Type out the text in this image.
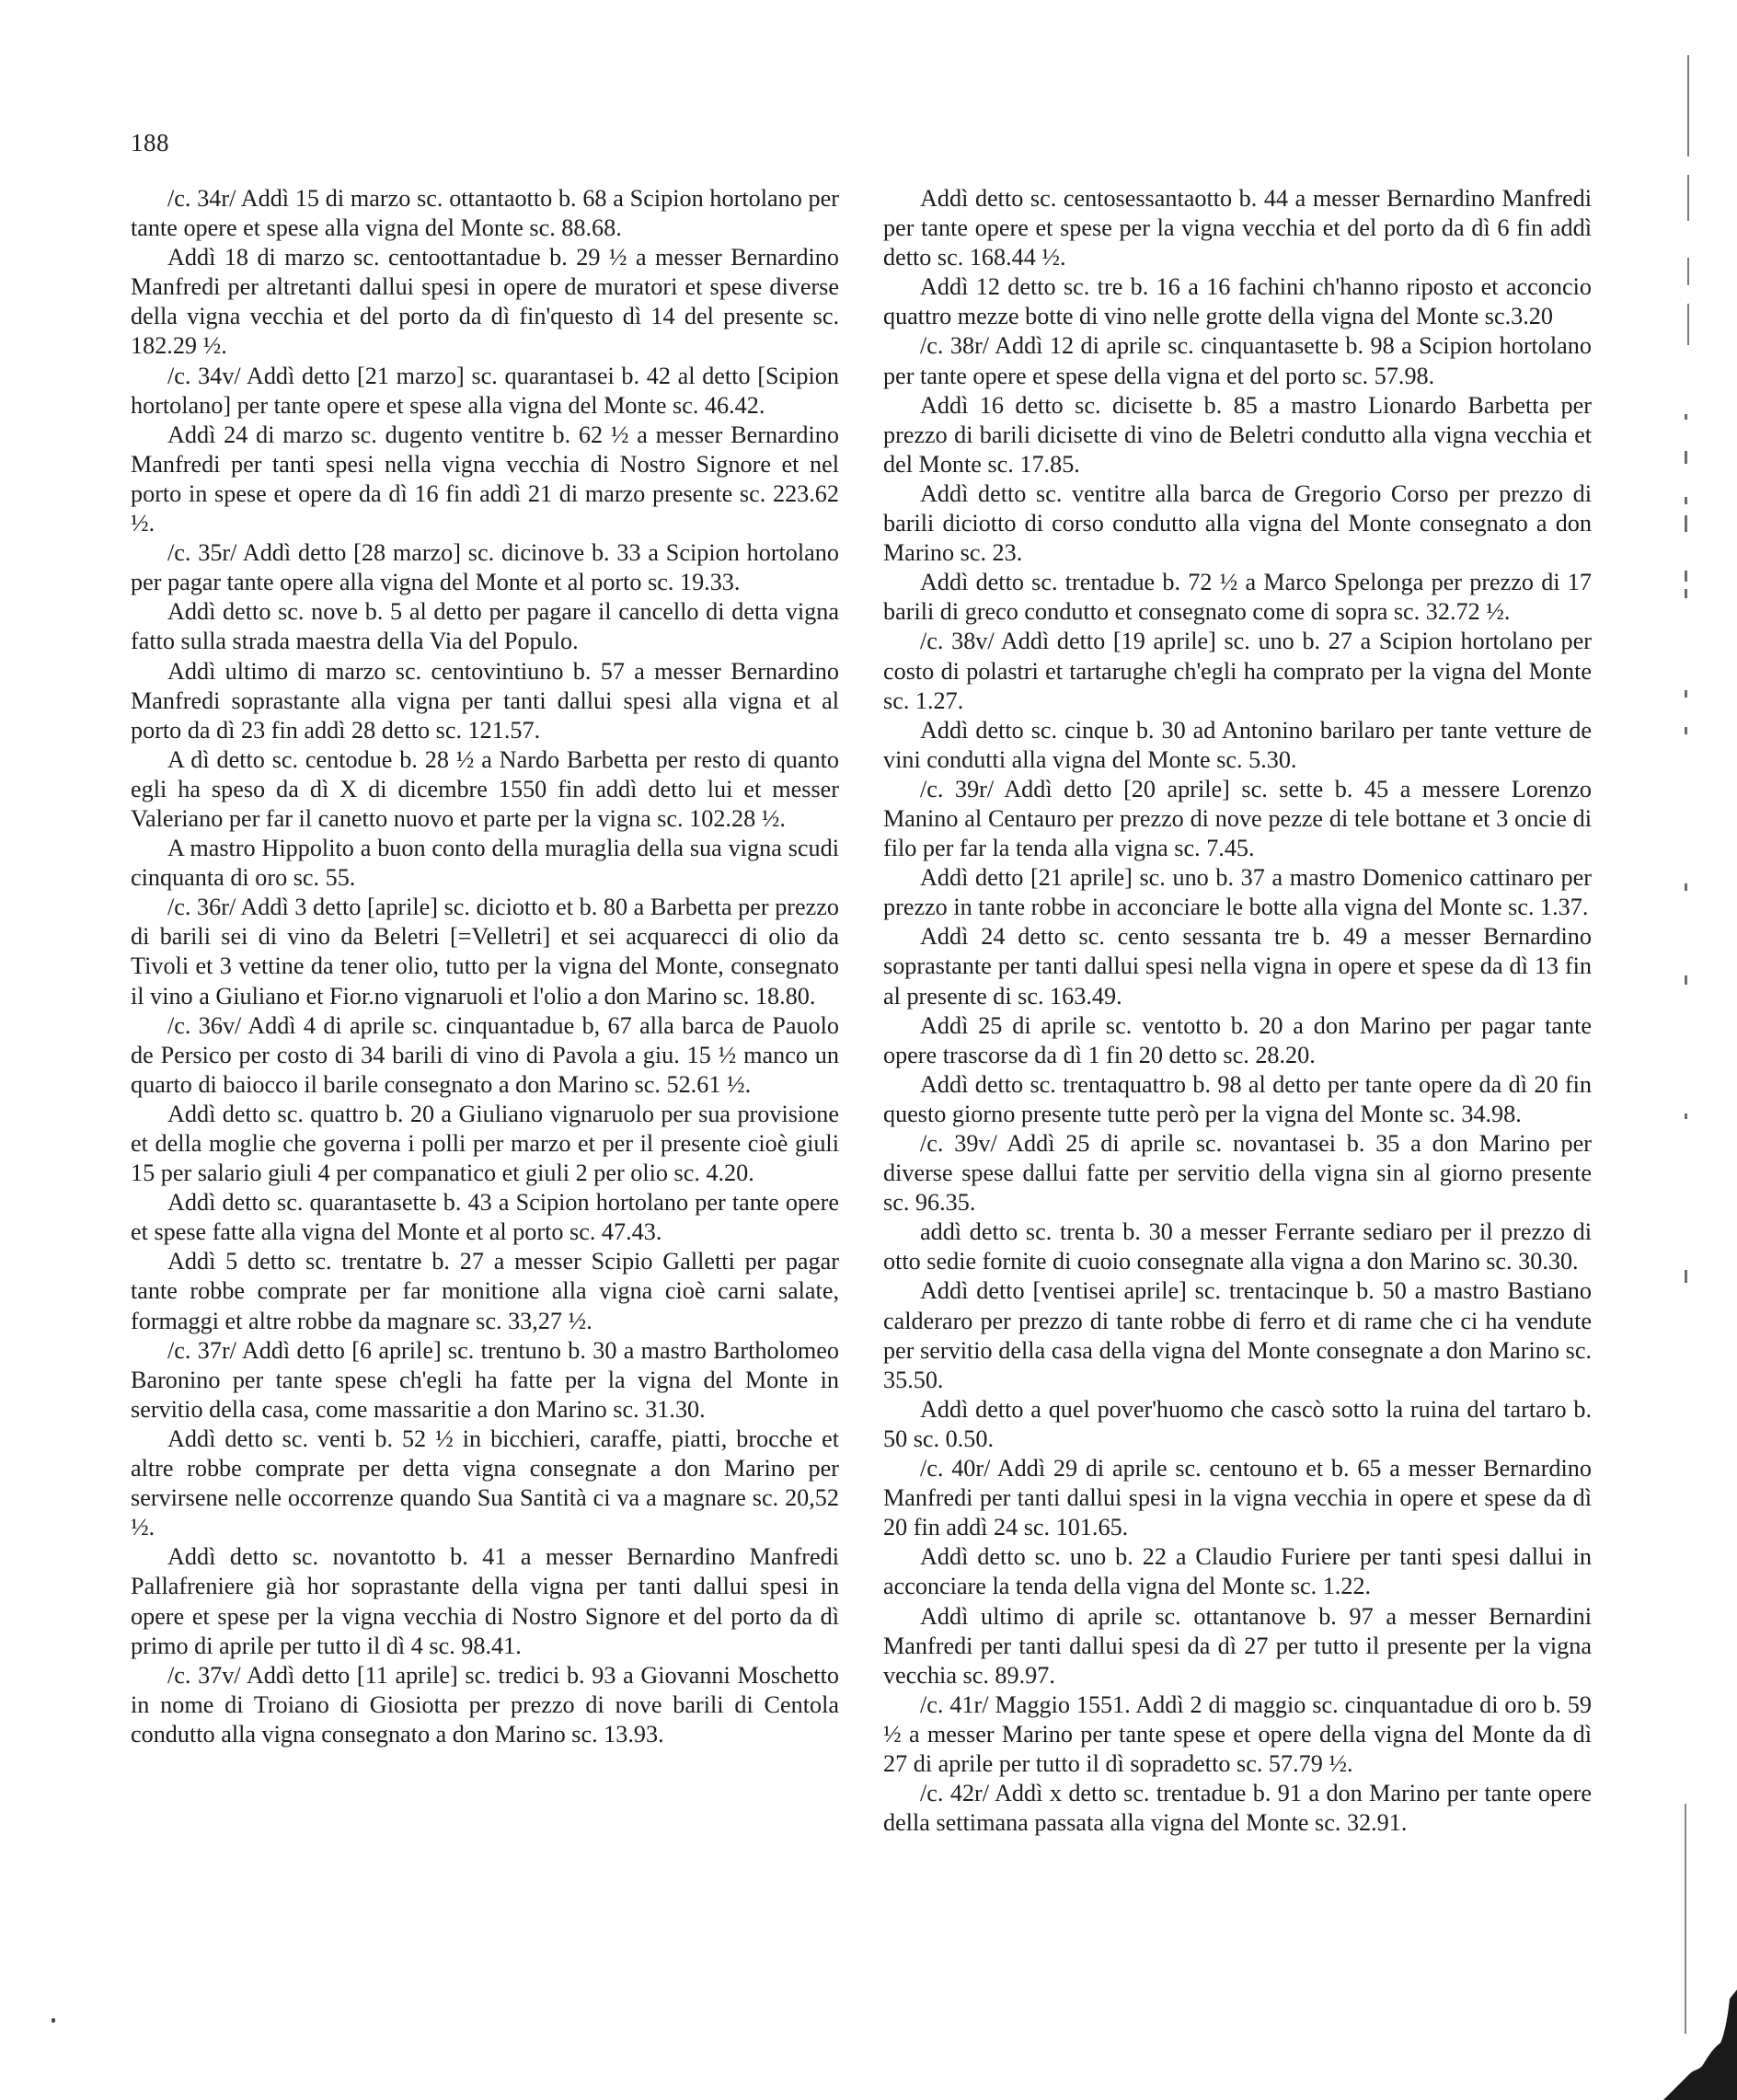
188

/c. 34r/ Addì 15 di marzo sc. ottantaotto b. 68 a Scipion hortolano per tante opere et spese alla vigna del Monte sc. 88.68.

Addì 18 di marzo sc. centoottantadue b. 29 ½ a messer Bernardino Manfredi per altretanti dallui spesi in opere de muratori et spese diverse della vigna vecchia et del porto da dì fin'questo dì 14 del presente sc. 182.29 ½.

/c. 34v/ Addì detto [21 marzo] sc. quarantasei b. 42 al detto [Scipion hortolano] per tante opere et spese alla vigna del Monte sc. 46.42.

Addì 24 di marzo sc. dugento ventitre b. 62 ½ a messer Bernardino Manfredi per tanti spesi nella vigna vecchia di Nostro Signore et nel porto in spese et opere da dì 16 fin addì 21 di marzo presente sc. 223.62 ½.

/c. 35r/ Addì detto [28 marzo] sc. dicinove b. 33 a Scipion hortolano per pagar tante opere alla vigna del Monte et al porto sc. 19.33.

Addì detto sc. nove b. 5 al detto per pagare il cancello di detta vigna fatto sulla strada maestra della Via del Populo.

Addì ultimo di marzo sc. centovintiuno b. 57 a messer Bernardino Manfredi soprastante alla vigna per tanti dallui spesi alla vigna et al porto da dì 23 fin addì 28 detto sc. 121.57.

A dì detto sc. centodue b. 28 ½ a Nardo Barbetta per resto di quanto egli ha speso da dì X di dicembre 1550 fin addì detto lui et messer Valeriano per far il canetto nuovo et parte per la vigna sc. 102.28 ½.

A mastro Hippolito a buon conto della muraglia della sua vigna scudi cinquanta di oro sc. 55.

/c. 36r/ Addì 3 detto [aprile] sc. diciotto et b. 80 a Barbetta per prezzo di barili sei di vino da Beletri [=Velletri] et sei acquarecci di olio da Tivoli et 3 vettine da tener olio, tutto per la vigna del Monte, consegnato il vino a Giuliano et Fior.no vignaruoli et l'olio a don Marino sc. 18.80.

/c. 36v/ Addì 4 di aprile sc. cinquantadue b, 67 alla barca de Pauolo de Persico per costo di 34 barili di vino di Pavola a giu. 15 ½ manco un quarto di baiocco il barile consegnato a don Marino sc. 52.61 ½.

Addì detto sc. quattro b. 20 a Giuliano vignaruolo per sua provisione et della moglie che governa i polli per marzo et per il presente cioè giuli 15 per salario giuli 4 per companatico et giuli 2 per olio sc. 4.20.

Addì detto sc. quarantasette b. 43 a Scipion hortolano per tante opere et spese fatte alla vigna del Monte et al porto sc. 47.43.

Addì 5 detto sc. trentatre b. 27 a messer Scipio Galletti per pagar tante robbe comprate per far monitione alla vigna cioè carni salate, formaggi et altre robbe da magnare sc. 33,27 ½.

/c. 37r/ Addì detto [6 aprile] sc. trentuno b. 30 a mastro Bartholomeo Baronino per tante spese ch'egli ha fatte per la vigna del Monte in servitio della casa, come massaritie a don Marino sc. 31.30.

Addì detto sc. venti b. 52 ½ in bicchieri, caraffe, piatti, brocche et altre robbe comprate per detta vigna consegnate a don Marino per servirsene nelle occorrenze quando Sua Santità ci va a magnare sc. 20,52 ½.

Addì detto sc. novantotto b. 41 a messer Bernardino Manfredi Pallafreniere già hor soprastante della vigna per tanti dallui spesi in opere et spese per la vigna vecchia di Nostro Signore et del porto da dì primo di aprile per tutto il dì 4 sc. 98.41.

/c. 37v/ Addì detto [11 aprile] sc. tredici b. 93 a Giovanni Moschetto in nome di Troiano di Giosiotta per prezzo di nove barili di Centola condutto alla vigna consegnato a don Marino sc. 13.93.

Addì detto sc. centosessantaotto b. 44 a messer Bernardino Manfredi per tante opere et spese per la vigna vecchia et del porto da dì 6 fin addì detto sc. 168.44 ½.

Addì 12 detto sc. tre b. 16 a 16 fachini ch'hanno riposto et acconcio quattro mezze botte di vino nelle grotte della vigna del Monte sc.3.20

/c. 38r/ Addì 12 di aprile sc. cinquantasette b. 98 a Scipion hortolano per tante opere et spese della vigna et del porto sc. 57.98.

Addì 16 detto sc. dicisette b. 85 a mastro Lionardo Barbetta per prezzo di barili dicisette di vino de Beletri condutto alla vigna vecchia et del Monte sc. 17.85.

Addì detto sc. ventitre alla barca de Gregorio Corso per prezzo di barili diciotto di corso condutto alla vigna del Monte consegnato a don Marino sc. 23.

Addì detto sc. trentadue b. 72 ½ a Marco Spelonga per prezzo di 17 barili di greco condutto et consegnato come di sopra sc. 32.72 ½.

/c. 38v/ Addì detto [19 aprile] sc. uno b. 27 a Scipion hortolano per costo di polastri et tartarughe ch'egli ha comprato per la vigna del Monte sc. 1.27.

Addì detto sc. cinque b. 30 ad Antonino barilaro per tante vetture de vini condutti alla vigna del Monte sc. 5.30.

/c. 39r/ Addì detto [20 aprile] sc. sette b. 45 a messere Lorenzo Manino al Centauro per prezzo di nove pezze di tele bottane et 3 oncie di filo per far la tenda alla vigna sc. 7.45.

Addì detto [21 aprile] sc. uno b. 37 a mastro Domenico cattinaro per prezzo in tante robbe in acconciare le botte alla vigna del Monte sc. 1.37.

Addì 24 detto sc. cento sessanta tre b. 49 a messer Bernardino soprastante per tanti dallui spesi nella vigna in opere et spese da dì 13 fin al presente di sc. 163.49.

Addì 25 di aprile sc. ventotto b. 20 a don Marino per pagar tante opere trascorse da dì 1 fin 20 detto sc. 28.20.

Addì detto sc. trentaquattro b. 98 al detto per tante opere da dì 20 fin questo giorno presente tutte però per la vigna del Monte sc. 34.98.

/c. 39v/ Addì 25 di aprile sc. novantasei b. 35 a don Marino per diverse spese dallui fatte per servitio della vigna sin al giorno presente sc. 96.35.

addì detto sc. trenta b. 30 a messer Ferrante sediaro per il prezzo di otto sedie fornite di cuoio consegnate alla vigna a don Marino sc. 30.30.

Addì detto [ventisei aprile] sc. trentacinque b. 50 a mastro Bastiano calderaro per prezzo di tante robbe di ferro et di rame che ci ha vendute per servitio della casa della vigna del Monte consegnate a don Marino sc. 35.50.

Addì detto a quel pover'huomo che cascò sotto la ruina del tartaro b. 50 sc. 0.50.

/c. 40r/ Addì 29 di aprile sc. centouno et b. 65 a messer Bernardino Manfredi per tanti dallui spesi in la vigna vecchia in opere et spese da dì 20 fin addì 24 sc. 101.65.

Addì detto sc. uno b. 22 a Claudio Furiere per tanti spesi dallui in acconciare la tenda della vigna del Monte sc. 1.22.

Addì ultimo di aprile sc. ottantanove b. 97 a messer Bernardini Manfredi per tanti dallui spesi da dì 27 per tutto il presente per la vigna vecchia sc. 89.97.

/c. 41r/ Maggio 1551. Addì 2 di maggio sc. cinquantadue di oro b. 59 ½ a messer Marino per tante spese et opere della vigna del Monte da dì 27 di aprile per tutto il dì sopradetto sc. 57.79 ½.

/c. 42r/ Addì x detto sc. trentadue b. 91 a don Marino per tante opere della settimana passata alla vigna del Monte sc. 32.91.
